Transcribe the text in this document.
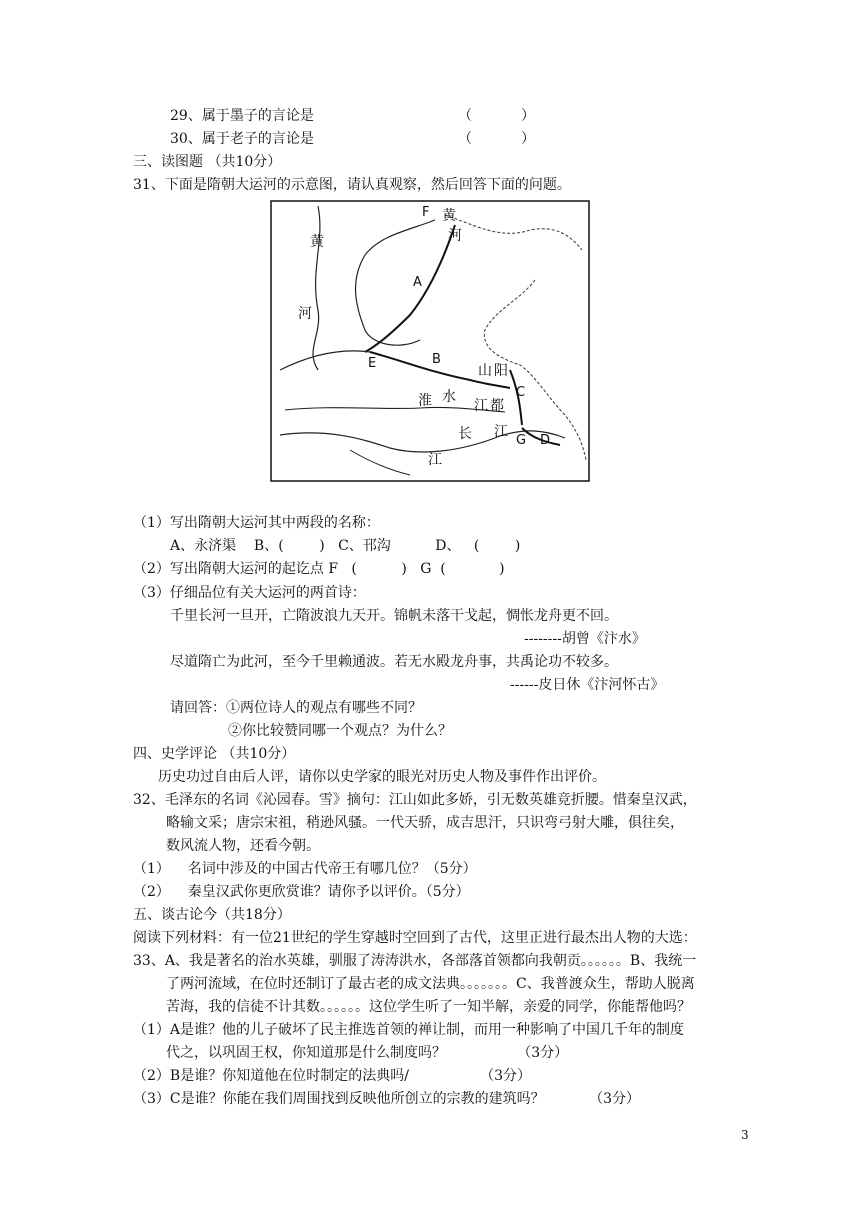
29、属于墨子的言论是	（           ）
30、属于老子的言论是	（           ）
三、读图题 （共10分）
31、下面是隋朝大运河的示意图，请认真观察，然后回答下面的问题。
F 黄
河
黄
河
A
B
E	山 阳
C
淮 水
江 都
长 江
G D
江
（1）写出隋朝大运河其中两段的名称：
A、永济渠    B、(        )   C、邗沟          D、   (        )
（2）写出隋朝大运河的起讫点 F   (          )   G  (            )
（3）仔细品位有关大运河的两首诗：
千里长河一旦开，亡隋波浪九天开。锦帆未落干戈起，惆怅龙舟更不回。
--------胡曾《汴水》
尽道隋亡为此河，至今千里赖通波。若无水殿龙舟事，共禹论功不较多。
------皮日休《汴河怀古》
请回答：①两位诗人的观点有哪些不同？
②你比较赞同哪一个观点？为什么？
四、史学评论 （共10分）
历史功过自由后人评，请你以史学家的眼光对历史人物及事件作出评价。
32、毛泽东的名词《沁园春。雪》摘句：江山如此多娇，引无数英雄竞折腰。惜秦皇汉武，
略输文采；唐宗宋祖，稍逊风骚。一代天骄，成吉思汗，只识弯弓射大雕，俱往矣，
数风流人物，还看今朝。
（1）    名词中涉及的中国古代帝王有哪几位？（5分）
（2）    秦皇汉武你更欣赏谁？请你予以评价。（5分）
五、谈古论今（共18分）
阅读下列材料：有一位21世纪的学生穿越时空回到了古代，这里正进行最杰出人物的大选：
33、A、我是著名的治水英雄，驯服了涛涛洪水，各部落首领都向我朝贡。。。。。。B、我统一
了两河流域，在位时还制订了最古老的成文法典。。。。。。。C、我普渡众生，帮助人脱离
苦海，我的信徒不计其数。。。。。。这位学生听了一知半解，亲爱的同学，你能帮他吗？
（1）A是谁？他的儿子破坏了民主推选首领的禅让制，而用一种影响了中国几千年的制度
代之，以巩固王权，你知道那是什么制度吗？                （3分）
（2）B是谁？你知道他在位时制定的法典吗/                （3分）
（3）C是谁？你能在我们周围找到反映他所创立的宗教的建筑吗？          （3分）
3
